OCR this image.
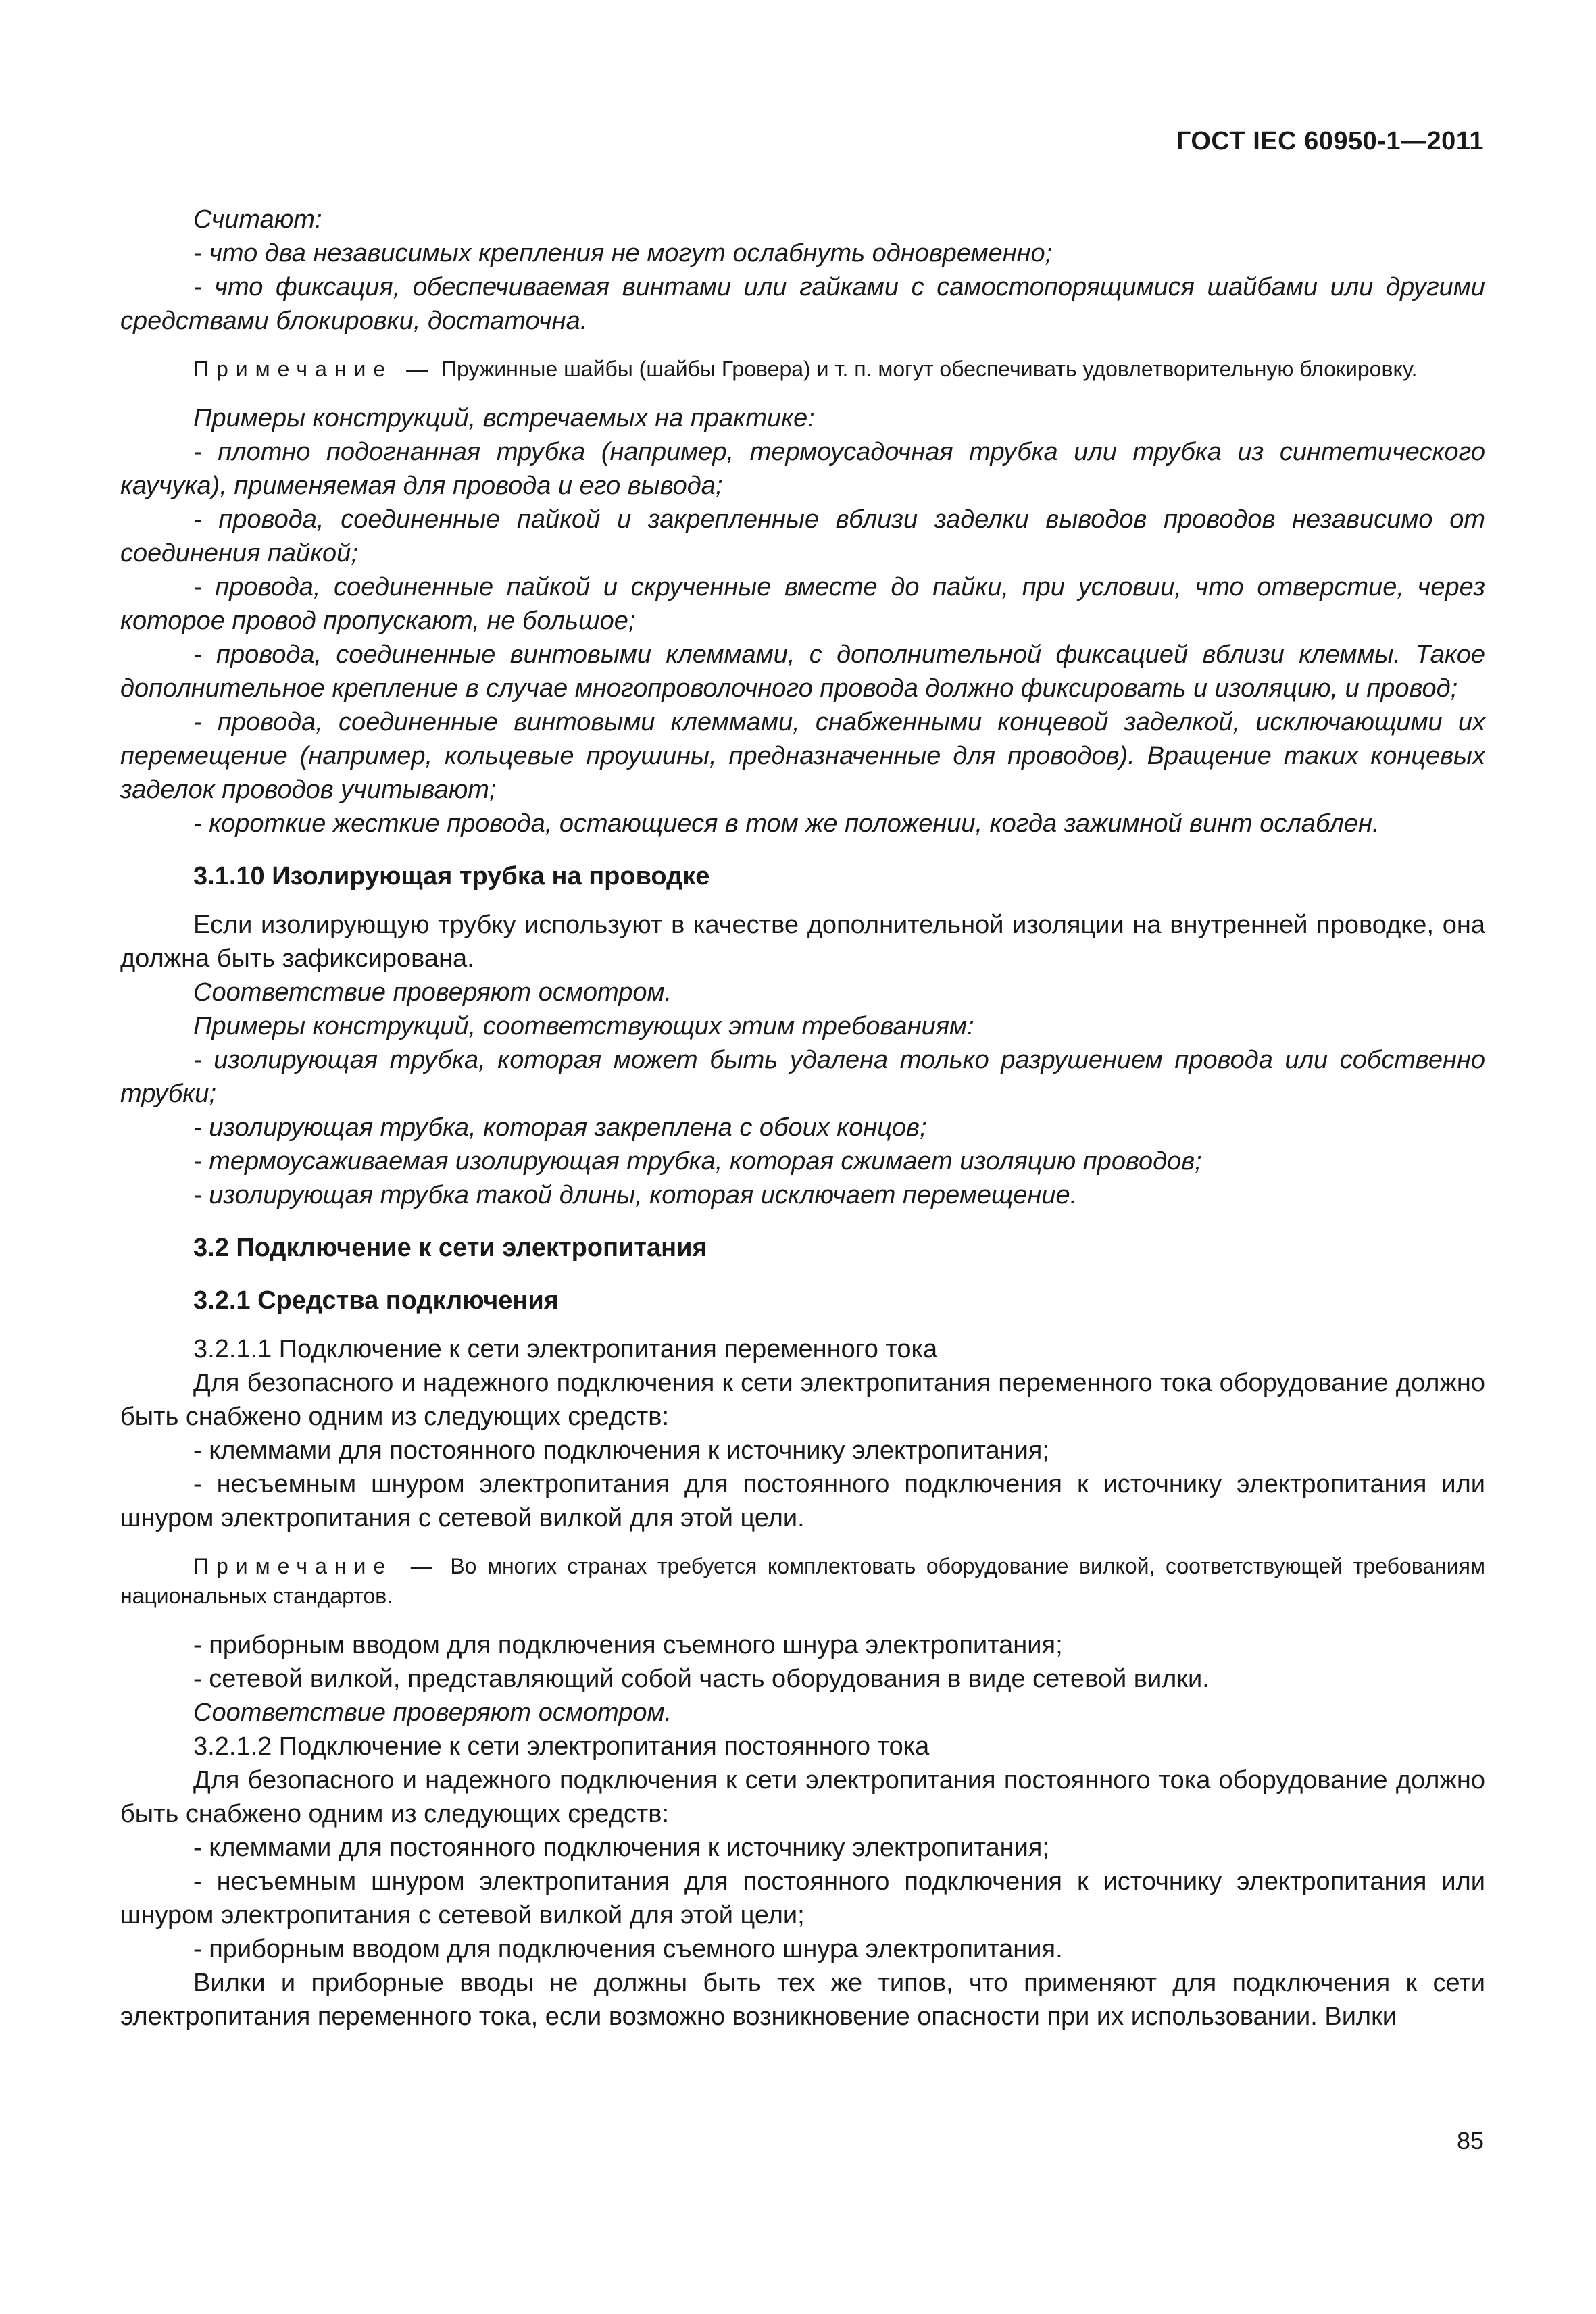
ГОСТ IEC 60950-1—2011

Считают:

- что два независимых крепления не могут ослабнуть одновременно;

- что фиксация, обеспечиваемая винтами или гайками с самостопорящимися шайбами или другими средствами блокировки, достаточна.

Примечание — Пружинные шайбы (шайбы Гровера) и т. п. могут обеспечивать удовлетворительную блокировку.

Примеры конструкций, встречаемых на практике:

- плотно подогнанная трубка (например, термоусадочная трубка или трубка из синтетического каучука), применяемая для провода и его вывода;

- провода, соединенные пайкой и закрепленные вблизи заделки выводов проводов независимо от соединения пайкой;

- провода, соединенные пайкой и скрученные вместе до пайки, при условии, что отверстие, через которое провод пропускают, не большое;

- провода, соединенные винтовыми клеммами, с дополнительной фиксацией вблизи клеммы. Такое дополнительное крепление в случае многопроволочного провода должно фиксировать и изоляцию, и провод;

- провода, соединенные винтовыми клеммами, снабженными концевой заделкой, исключающими их перемещение (например, кольцевые проушины, предназначенные для проводов). Вращение таких концевых заделок проводов учитывают;

- короткие жесткие провода, остающиеся в том же положении, когда зажимной винт ослаблен.

3.1.10 Изолирующая трубка на проводке

Если изолирующую трубку используют в качестве дополнительной изоляции на внутренней проводке, она должна быть зафиксирована.

Соответствие проверяют осмотром.

Примеры конструкций, соответствующих этим требованиям:

- изолирующая трубка, которая может быть удалена только разрушением провода или собственно трубки;

- изолирующая трубка, которая закреплена с обоих концов;

- термоусаживаемая изолирующая трубка, которая сжимает изоляцию проводов;

- изолирующая трубка такой длины, которая исключает перемещение.

3.2 Подключение к сети электропитания

3.2.1 Средства подключения

3.2.1.1 Подключение к сети электропитания переменного тока

Для безопасного и надежного подключения к сети электропитания переменного тока оборудование должно быть снабжено одним из следующих средств:

- клеммами для постоянного подключения к источнику электропитания;

- несъемным шнуром электропитания для постоянного подключения к источнику электропитания или шнуром электропитания с сетевой вилкой для этой цели.

Примечание — Во многих странах требуется комплектовать оборудование вилкой, соответствующей требованиям национальных стандартов.

- приборным вводом для подключения съемного шнура электропитания;

- сетевой вилкой, представляющий собой часть оборудования в виде сетевой вилки.

Соответствие проверяют осмотром.

3.2.1.2 Подключение к сети электропитания постоянного тока

Для безопасного и надежного подключения к сети электропитания постоянного тока оборудование должно быть снабжено одним из следующих средств:

- клеммами для постоянного подключения к источнику электропитания;

- несъемным шнуром электропитания для постоянного подключения к источнику электропитания или шнуром электропитания с сетевой вилкой для этой цели;

- приборным вводом для подключения съемного шнура электропитания.

Вилки и приборные вводы не должны быть тех же типов, что применяют для подключения к сети электропитания переменного тока, если возможно возникновение опасности при их использовании. Вилки

85
